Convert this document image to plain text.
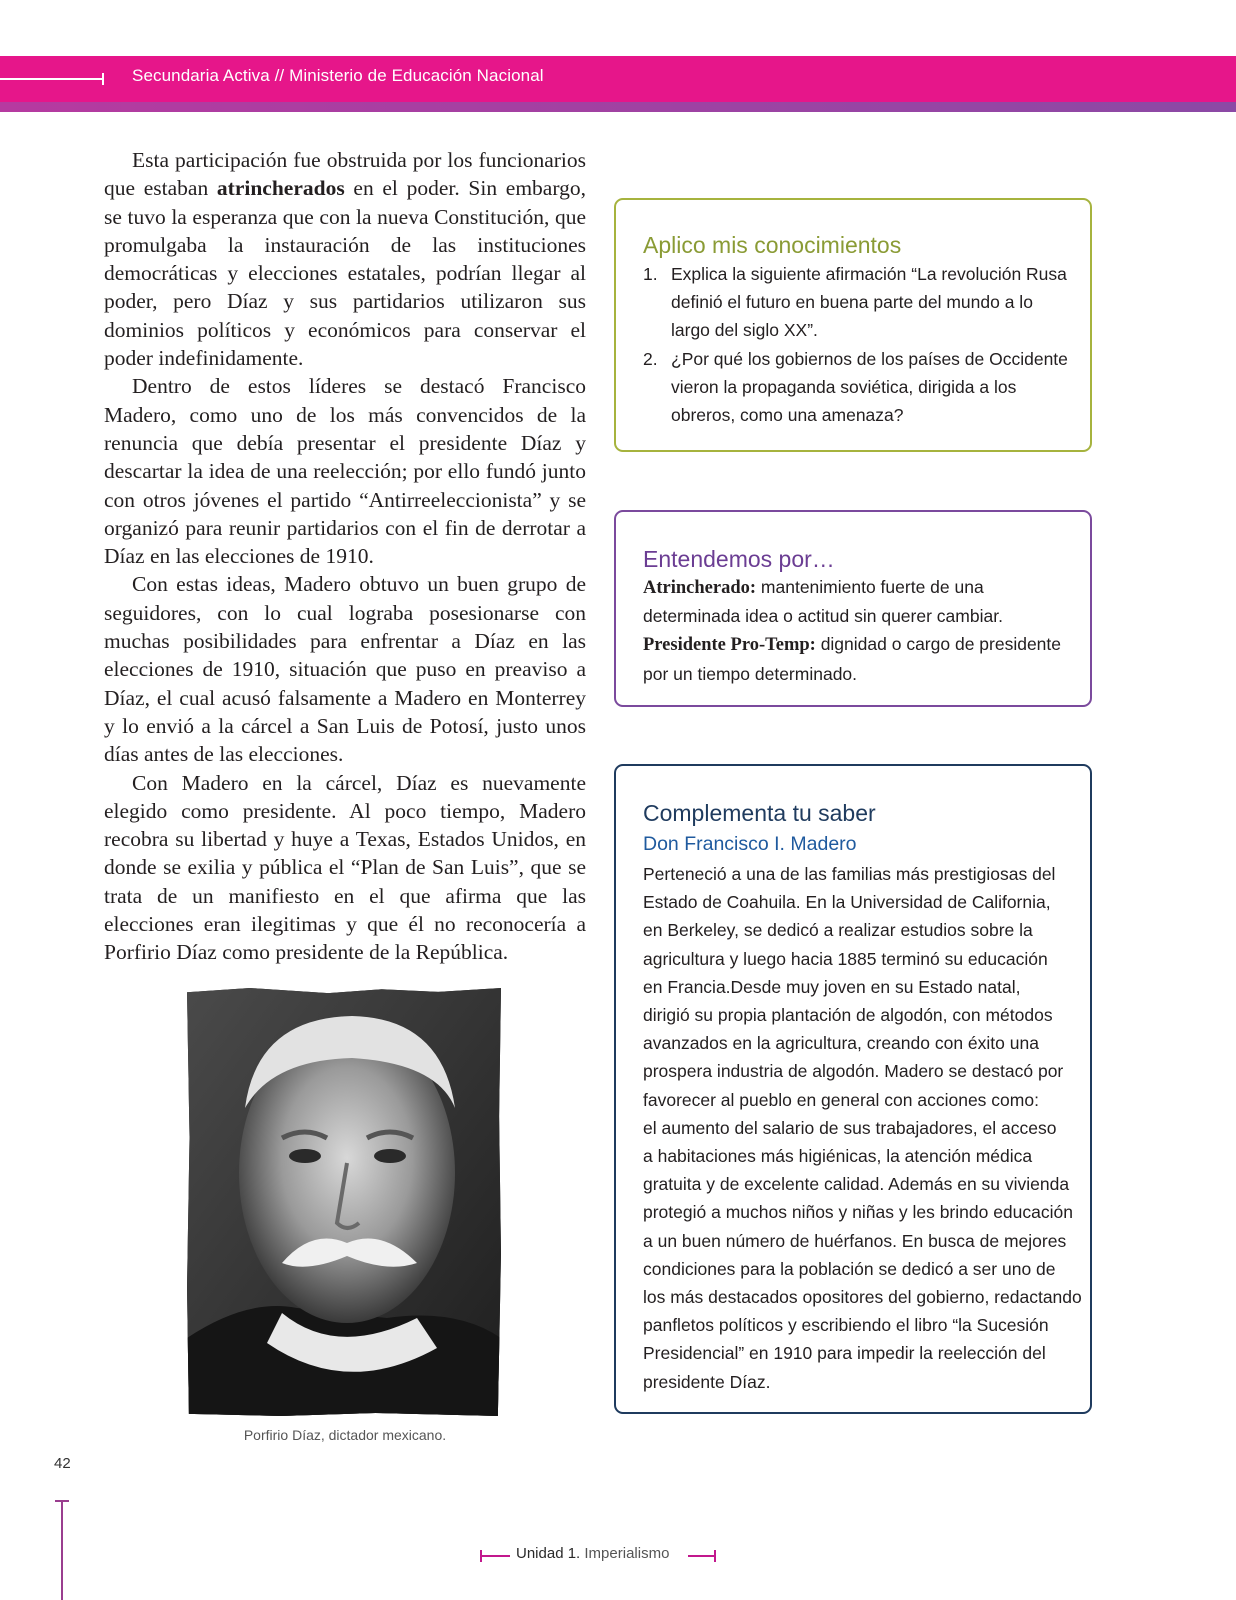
Secundaria Activa // Ministerio de Educación Nacional

Esta participación fue obstruida por los funcionarios que estaban atrincherados en el poder. Sin embargo, se tuvo la esperanza que con la nueva Constitución, que promulgaba la instauración de las instituciones democráticas y elecciones estatales, podrían llegar al poder, pero Díaz y sus partidarios utilizaron sus dominios políticos y económicos para conservar el poder indefinidamente.

Dentro de estos líderes se destacó Francisco Madero, como uno de los más convencidos de la renuncia que debía presentar el presidente Díaz y descartar la idea de una reelección; por ello fundó junto con otros jóvenes el partido “Antirreeleccionista” y se organizó para reunir partidarios con el fin de derrotar a Díaz en las elecciones de 1910.

Con estas ideas, Madero obtuvo un buen grupo de seguidores, con lo cual lograba posesionarse con muchas posibilidades para enfrentar a Díaz en las elecciones de 1910, situación que puso en preaviso a Díaz, el cual acusó falsamente a Madero en Monterrey y lo envió a la cárcel a San Luis de Potosí, justo unos días antes de las elecciones.

Con Madero en la cárcel, Díaz es nuevamente elegido como presidente. Al poco tiempo, Madero recobra su libertad y huye a Texas, Estados Unidos, en donde se exilia y pública el “Plan de San Luis”, que se trata de un manifiesto en el que afirma que las elecciones eran ilegitimas y que él no reconocería a Porfirio Díaz como presidente de la República.

Porfirio Díaz, dictador mexicano.
42
Aplico mis conocimientos
1. Explica la siguiente afirmación “La revolución Rusa definió el futuro en buena parte del mundo a lo largo del siglo XX”.
2. ¿Por qué los gobiernos de los países de Occidente vieron la propaganda soviética, dirigida a los obreros, como una amenaza?
Entendemos por…

Atrincherado: mantenimiento fuerte de una determinada idea o actitud sin querer cambiar.

Presidente Pro-Temp: dignidad o cargo de presidente por un tiempo determinado.

Complementa tu saber
Don Francisco I. Madero
Perteneció a una de las familias más prestigiosas del
Estado de Coahuila. En la Universidad de California,
en Berkeley, se dedicó a realizar estudios sobre la
agricultura y luego hacia 1885 terminó su educación
en Francia.Desde muy joven en su Estado natal,
dirigió su propia plantación de algodón, con métodos
avanzados en la agricultura, creando con éxito una
prospera industria de algodón. Madero se destacó por
favorecer al pueblo en general con acciones como:
el aumento del salario de sus trabajadores, el acceso
a habitaciones más higiénicas, la atención médica
gratuita y de excelente calidad. Además en su vivienda
protegió a muchos niños y niñas y les brindo educación
a un buen número de huérfanos. En busca de mejores
condiciones para la población se dedicó a ser uno de
los más destacados opositores del gobierno, redactando
panfletos políticos y escribiendo el libro “la Sucesión
Presidencial” en 1910 para impedir la reelección del
presidente Díaz.
Unidad 1. Imperialismo
